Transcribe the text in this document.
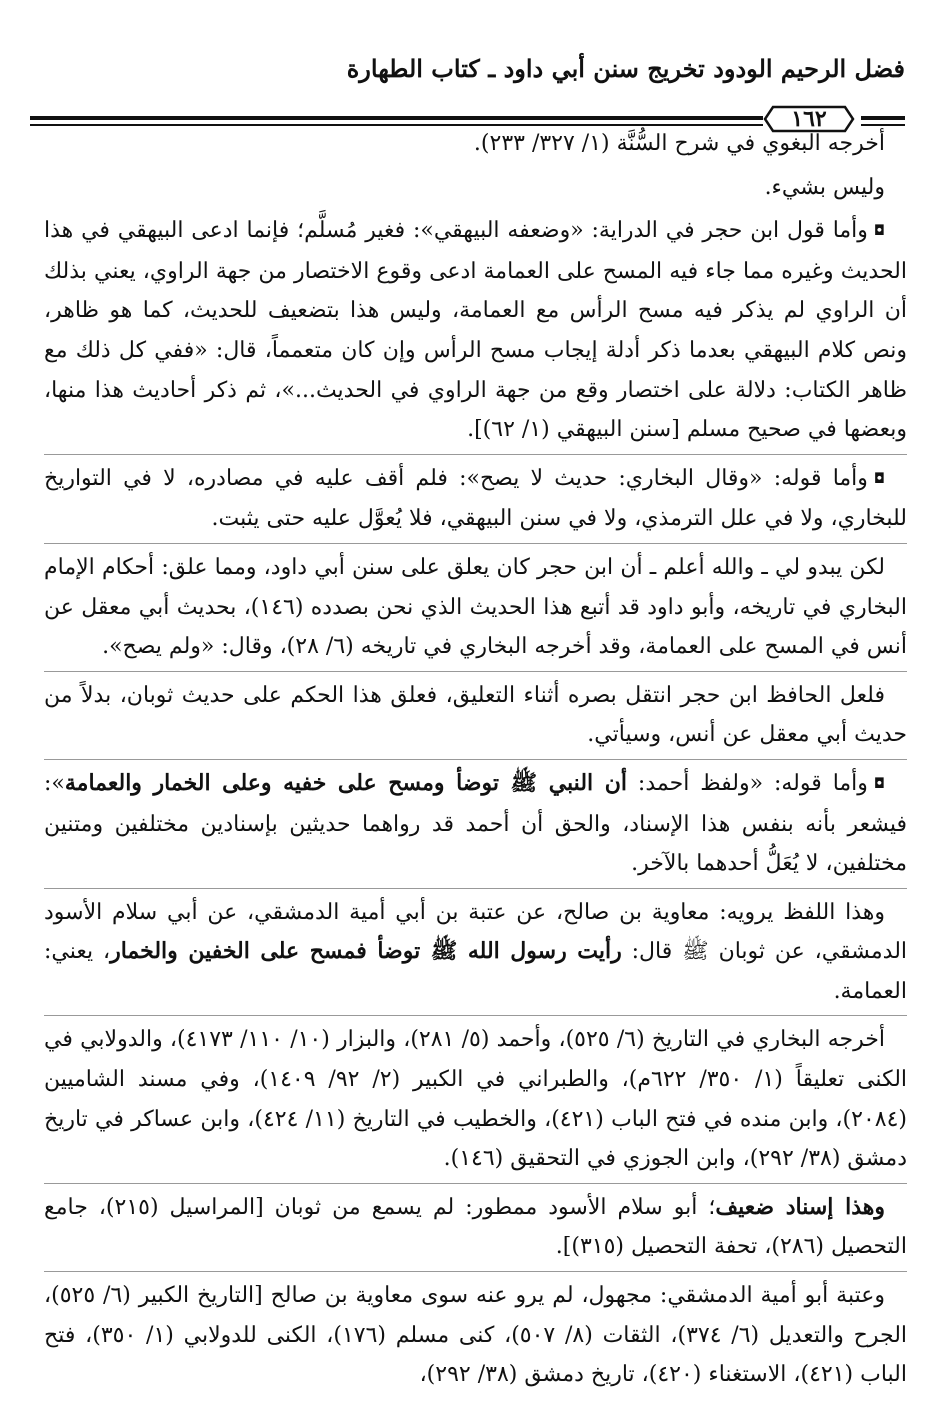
فضل الرحيم الودود تخريج سنن أبي داود ـ كتاب الطهارة
١٦٢

أخرجه البغوي في شرح السُّنَّة (١/ ٣٢٧/ ٢٣٣).

وليس بشيء.

◘وأما قول ابن حجر في الدراية: «وضعفه البيهقي»: فغير مُسلَّم؛ فإنما ادعى البيهقي في هذا الحديث وغيره مما جاء فيه المسح على العمامة ادعى وقوع الاختصار من جهة الراوي، يعني بذلك أن الراوي لم يذكر فيه مسح الرأس مع العمامة، وليس هذا بتضعيف للحديث، كما هو ظاهر، ونص كلام البيهقي بعدما ذكر أدلة إيجاب مسح الرأس وإن كان متعمماً، قال: «ففي كل ذلك مع ظاهر الكتاب: دلالة على اختصار وقع من جهة الراوي في الحديث...»، ثم ذكر أحاديث هذا منها، وبعضها في صحيح مسلم [سنن البيهقي (١/ ٦٢)].

◘وأما قوله: «وقال البخاري: حديث لا يصح»: فلم أقف عليه في مصادره، لا في التواريخ للبخاري، ولا في علل الترمذي، ولا في سنن البيهقي، فلا يُعوَّل عليه حتى يثبت.

لكن يبدو لي ـ والله أعلم ـ أن ابن حجر كان يعلق على سنن أبي داود، ومما علق: أحكام الإمام البخاري في تاريخه، وأبو داود قد أتبع هذا الحديث الذي نحن بصدده (١٤٦)، بحديث أبي معقل عن أنس في المسح على العمامة، وقد أخرجه البخاري في تاريخه (٦/ ٢٨)، وقال: «ولم يصح».

فلعل الحافظ ابن حجر انتقل بصره أثناء التعليق، فعلق هذا الحكم على حديث ثوبان، بدلاً من حديث أبي معقل عن أنس، وسيأتي.

◘وأما قوله: «ولفظ أحمد: أن النبي ﷺ توضأ ومسح على خفيه وعلى الخمار والعمامة»: فيشعر بأنه بنفس هذا الإسناد، والحق أن أحمد قد رواهما حديثين بإسنادين مختلفين ومتنين مختلفين، لا يُعَلُّ أحدهما بالآخر.

وهذا اللفظ يرويه: معاوية بن صالح، عن عتبة بن أبي أمية الدمشقي، عن أبي سلام الأسود الدمشقي، عن ثوبان ﷺ قال: رأيت رسول الله ﷺ توضأ فمسح على الخفين والخمار، يعني: العمامة.

أخرجه البخاري في التاريخ (٦/ ٥٢٥)، وأحمد (٥/ ٢٨١)، والبزار (١٠/ ١١٠/ ٤١٧٣)، والدولابي في الكنى تعليقاً (١/ ٣٥٠/ ٦٢٢م)، والطبراني في الكبير (٢/ ٩٢/ ١٤٠٩)، وفي مسند الشاميين (٢٠٨٤)، وابن منده في فتح الباب (٤٢١)، والخطيب في التاريخ (١١/ ٤٢٤)، وابن عساكر في تاريخ دمشق (٣٨/ ٢٩٢)، وابن الجوزي في التحقيق (١٤٦).

وهذا إسناد ضعيف؛ أبو سلام الأسود ممطور: لم يسمع من ثوبان [المراسيل (٢١٥)، جامع التحصيل (٢٨٦)، تحفة التحصيل (٣١٥)].

وعتبة أبو أمية الدمشقي: مجهول، لم يرو عنه سوى معاوية بن صالح [التاريخ الكبير (٦/ ٥٢٥)، الجرح والتعديل (٦/ ٣٧٤)، الثقات (٨/ ٥٠٧)، كنى مسلم (١٧٦)، الكنى للدولابي (١/ ٣٥٠)، فتح الباب (٤٢١)، الاستغناء (٤٢٠)، تاريخ دمشق (٣٨/ ٢٩٢)،
